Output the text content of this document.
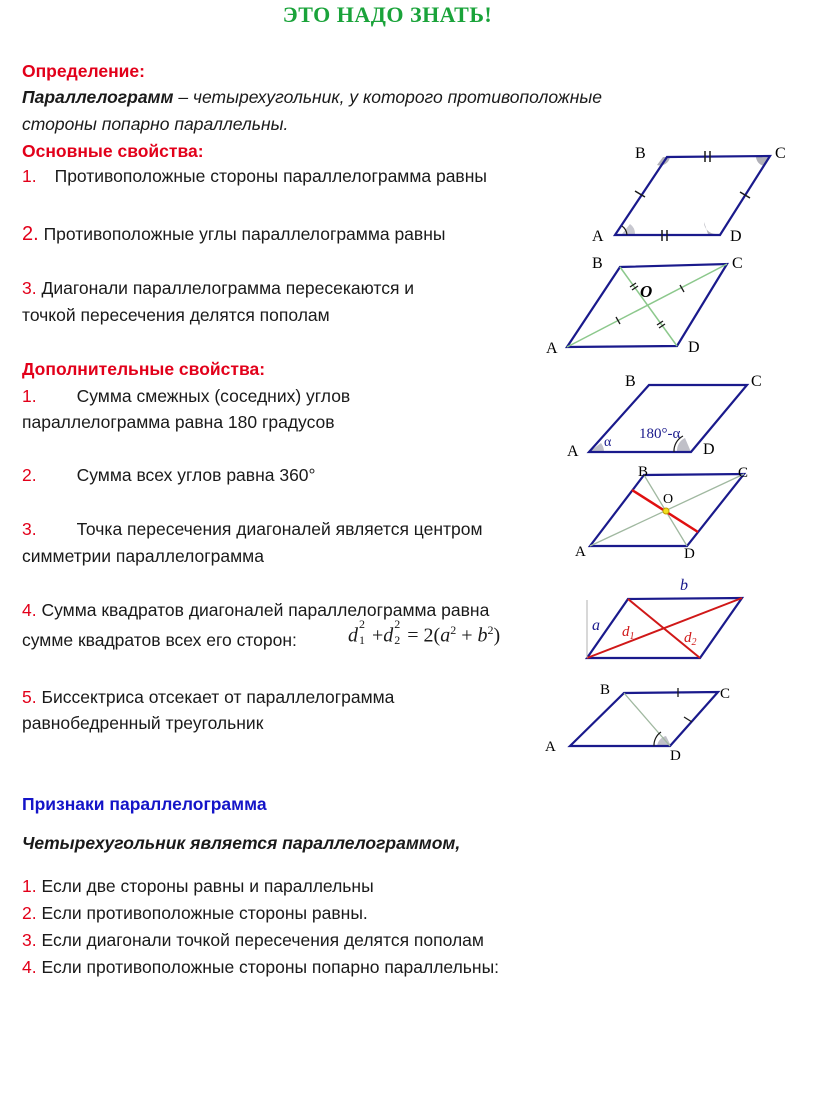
ЭТО НАДО ЗНАТЬ!
Определение:
Параллелограмм – четырехугольник, у которого противоположные
стороны попарно параллельны.
Основные свойства:
1. Противоположные стороны параллелограмма равны
2. Противоположные углы параллелограмма равны
3. Диагонали параллелограмма пересекаются и
точкой пересечения делятся пополам
Дополнительные свойства:
1. Сумма смежных (соседних) углов
параллелограмма равна 180 градусов
2. Сумма всех углов равна 360°
3. Точка пересечения диагоналей является центром
симметрии параллелограмма
4. Сумма квадратов диагоналей параллелограмма равна
сумме квадратов всех его сторон:	d
2
1 +d
2
$2 = 2(a^2 + b^2)$
5. Биссектриса отсекает от параллелограмма
равнобедренный треугольник
Признаки параллелограмма
Четырехугольник является параллелограммом,
1. Если две стороны равны и параллельны
2. Если противоположные стороны равны.
3. Если диагонали точкой пересечения делятся пополам
4. Если противоположные стороны попарно параллельны:
A
B	C
D
A
B	C
D
O
A
B	C
D
α
180°-α
A
B	C
D
O
a
b
$d_1$	$d_2$
A
B	C
D
